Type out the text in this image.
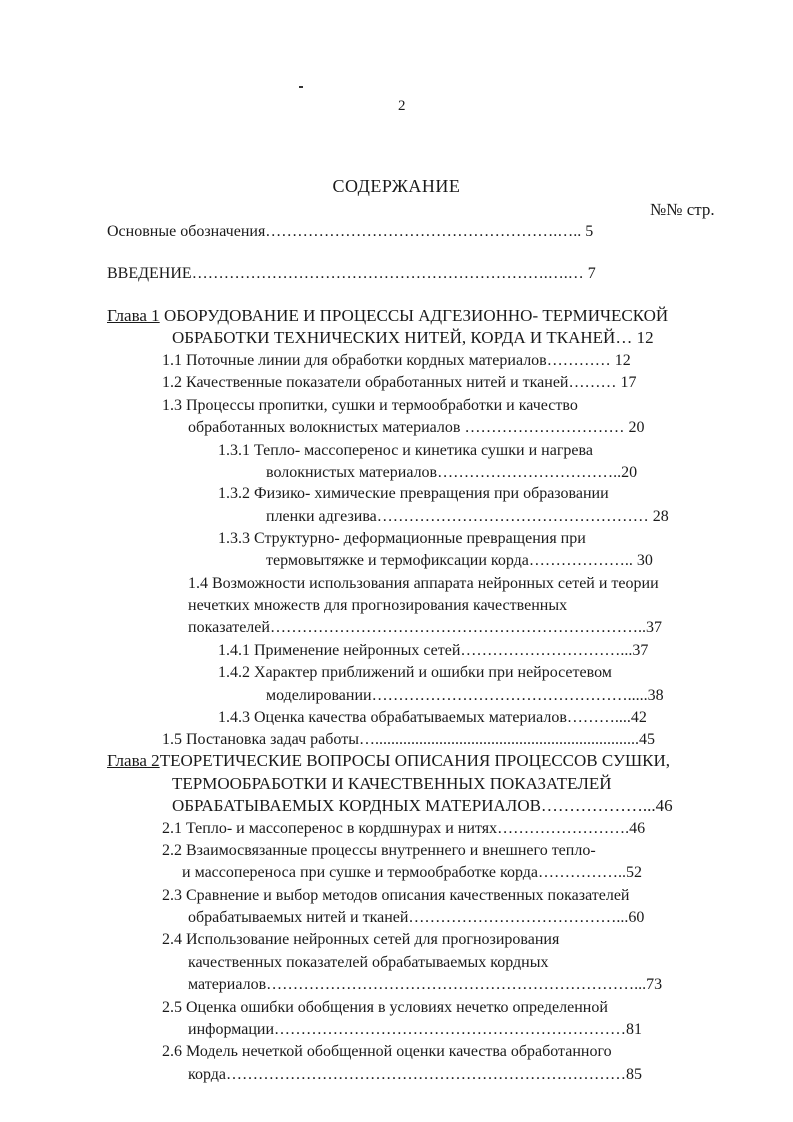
2
СОДЕРЖАНИЕ
№№ стр.
Основные обозначения……………………………………………….….. 5
ВВЕДЕНИЕ………………………………………………………….….… 7
Глава 1 ОБОРУДОВАНИЕ И ПРОЦЕССЫ АДГЕЗИОННО- ТЕРМИЧЕСКОЙ
ОБРАБОТКИ ТЕХНИЧЕСКИХ НИТЕЙ, КОРДА И ТКАНЕЙ… 12
1.1 Поточные линии для обработки кордных материалов………… 12
1.2 Качественные показатели обработанных нитей и тканей……… 17
1.3 Процессы пропитки, сушки и термообработки и качество
обработанных волокнистых материалов ………………………… 20
1.3.1 Тепло- массоперенос и кинетика сушки и нагрева
волокнистых материалов……………………………..20
1.3.2 Физико- химические превращения при образовании
пленки адгезива…………………………………………… 28
1.3.3 Структурно- деформационные превращения при
термовытяжке и термофиксации корда……………….. 30
1.4 Возможности использования аппарата нейронных сетей и теории
нечетких множеств для прогнозирования качественных
показателей……………………………………………………………..37
1.4.1 Применение нейронных сетей…………………………...37
1.4.2 Характер приближений и ошибки при нейросетевом
моделировании………………………………………….....38
1.4.3 Оценка качества обрабатываемых материалов………....42
1.5 Постановка задач работы…..................................................................45
Глава 2ТЕОРЕТИЧЕСКИЕ ВОПРОСЫ ОПИСАНИЯ ПРОЦЕССОВ СУШКИ,
ТЕРМООБРАБОТКИ И КАЧЕСТВЕННЫХ ПОКАЗАТЕЛЕЙ
ОБРАБАТЫВАЕМЫХ КОРДНЫХ МАТЕРИАЛОВ………………...46
2.1 Тепло- и массоперенос в кордшнурах и нитях…………………….46
2.2 Взаимосвязанные процессы внутреннего и внешнего тепло-
и массопереноса при сушке и термообработке корда……………..52
2.3 Сравнение и выбор методов описания качественных показателей
обрабатываемых нитей и тканей…………………………………...60
2.4 Использование нейронных сетей для прогнозирования
качественных показателей обрабатываемых кордных
материалов……………………………………………………………...73
2.5 Оценка ошибки обобщения в условиях нечетко определенной
информации…………………………………………………………81
2.6 Модель нечеткой обобщенной оценки качества обработанного
корда…………………………………………………………………85
